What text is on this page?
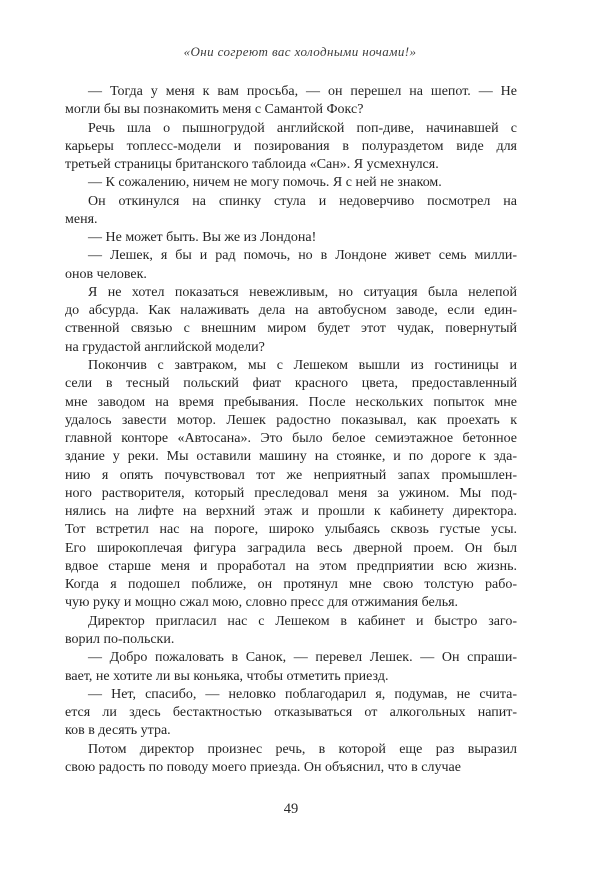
«Они согреют вас холодными ночами!»
— Тогда у меня к вам просьба, — он перешел на шепот. — Не
могли бы вы познакомить меня с Самантой Фокс?
Речь шла о пышногрудой английской поп-диве, начинавшей с
карьеры топлесс-модели и позирования в полураздетом виде для
третьей страницы британского таблоида «Сан». Я усмехнулся.
— К сожалению, ничем не могу помочь. Я с ней не знаком.
Он откинулся на спинку стула и недоверчиво посмотрел на
меня.
— Не может быть. Вы же из Лондона!
— Лешек, я бы и рад помочь, но в Лондоне живет семь милли-
онов человек.
Я не хотел показаться невежливым, но ситуация была нелепой
до абсурда. Как налаживать дела на автобусном заводе, если един-
ственной связью с внешним миром будет этот чудак, повернутый
на грудастой английской модели?
Покончив с завтраком, мы с Лешеком вышли из гостиницы и
сели в тесный польский фиат красного цвета, предоставленный
мне заводом на время пребывания. После нескольких попыток мне
удалось завести мотор. Лешек радостно показывал, как проехать к
главной конторе «Автосана». Это было белое семиэтажное бетонное
здание у реки. Мы оставили машину на стоянке, и по дороге к зда-
нию я опять почувствовал тот же неприятный запах промышлен-
ного растворителя, который преследовал меня за ужином. Мы под-
нялись на лифте на верхний этаж и прошли к кабинету директора.
Тот встретил нас на пороге, широко улыбаясь сквозь густые усы.
Его широкоплечая фигура заградила весь дверной проем. Он был
вдвое старше меня и проработал на этом предприятии всю жизнь.
Когда я подошел поближе, он протянул мне свою толстую рабо-
чую руку и мощно сжал мою, словно пресс для отжимания белья.
Директор пригласил нас с Лешеком в кабинет и быстро заго-
ворил по-польски.
— Добро пожаловать в Санок, — перевел Лешек. — Он спраши-
вает, не хотите ли вы коньяка, чтобы отметить приезд.
— Нет, спасибо, — неловко поблагодарил я, подумав, не счита-
ется ли здесь бестактностью отказываться от алкогольных напит-
ков в десять утра.
Потом директор произнес речь, в которой еще раз выразил
свою радость по поводу моего приезда. Он объяснил, что в случае
49
